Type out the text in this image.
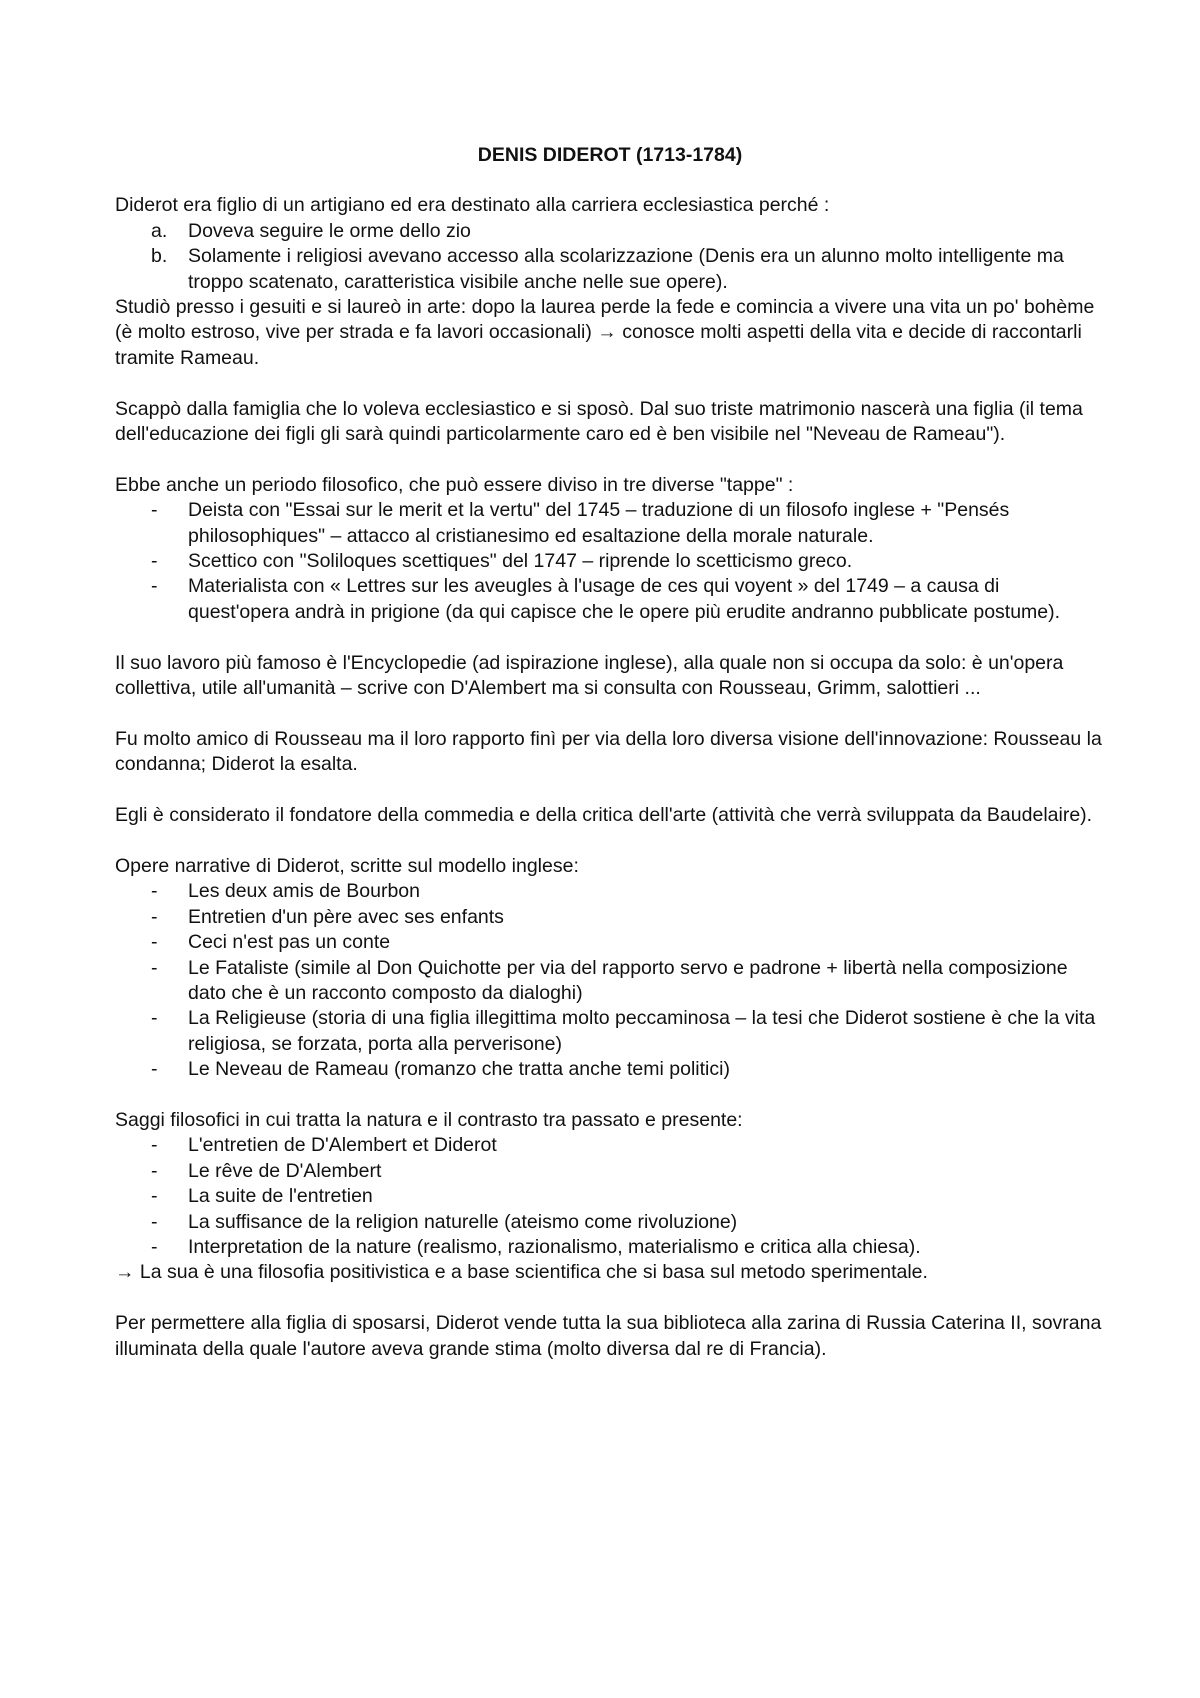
DENIS DIDEROT (1713-1784)

Diderot era figlio di un artigiano ed era destinato alla carriera ecclesiastica perché :

a. Doveva seguire le orme dello zio
b. Solamente i religiosi avevano accesso alla scolarizzazione (Denis era un alunno molto intelligente ma troppo scatenato, caratteristica visibile anche nelle sue opere).

Studiò presso i gesuiti e si laureò in arte: dopo la laurea perde la fede e comincia a vivere una vita un po' bohème (è molto estroso, vive per strada e fa lavori occasionali) → conosce molti aspetti della vita e decide di raccontarli tramite Rameau.

Scappò dalla famiglia che lo voleva ecclesiastico e si sposò. Dal suo triste matrimonio nascerà una figlia (il tema dell'educazione dei figli gli sarà quindi particolarmente caro ed è ben visibile nel "Neveau de Rameau").

Ebbe anche un periodo filosofico, che può essere diviso in tre diverse "tappe" :

- Deista con "Essai sur le merit et la vertu" del 1745 – traduzione di un filosofo inglese + "Pensés philosophiques" – attacco al cristianesimo ed esaltazione della morale naturale.
- Scettico con "Soliloques scettiques" del 1747 – riprende lo scetticismo greco.
- Materialista con « Lettres sur les aveugles à l'usage de ces qui voyent » del 1749 – a causa di quest'opera andrà in prigione (da qui capisce che le opere più erudite andranno pubblicate postume).

Il suo lavoro più famoso è l'Encyclopedie (ad ispirazione inglese), alla quale non si occupa da solo: è un'opera collettiva, utile all'umanità – scrive con D'Alembert ma si consulta con Rousseau, Grimm, salottieri ...

Fu molto amico di Rousseau ma il loro rapporto finì per via della loro diversa visione dell'innovazione: Rousseau la condanna; Diderot la esalta.

Egli è considerato il fondatore della commedia e della critica dell'arte (attività che verrà sviluppata da Baudelaire).

Opere narrative di Diderot, scritte sul modello inglese:

- Les deux amis de Bourbon
- Entretien d'un père avec ses enfants
- Ceci n'est pas un conte
- Le Fataliste (simile al Don Quichotte per via del rapporto servo e padrone + libertà nella composizione dato che è un racconto composto da dialoghi)
- La Religieuse (storia di una figlia illegittima molto peccaminosa – la tesi che Diderot sostiene è che la vita religiosa, se forzata, porta alla perverisone)
- Le Neveau de Rameau (romanzo che tratta anche temi politici)

Saggi filosofici in cui tratta la natura e il contrasto tra passato e presente:

- L'entretien de D'Alembert et Diderot
- Le rêve de D'Alembert
- La suite de l'entretien
- La suffisance de la religion naturelle (ateismo come rivoluzione)
- Interpretation de la nature (realismo, razionalismo, materialismo e critica alla chiesa).

→ La sua è una filosofia positivistica e a base scientifica che si basa sul metodo sperimentale.

Per permettere alla figlia di sposarsi, Diderot vende tutta la sua biblioteca alla zarina di Russia Caterina II, sovrana illuminata della quale l'autore aveva grande stima (molto diversa dal re di Francia).
